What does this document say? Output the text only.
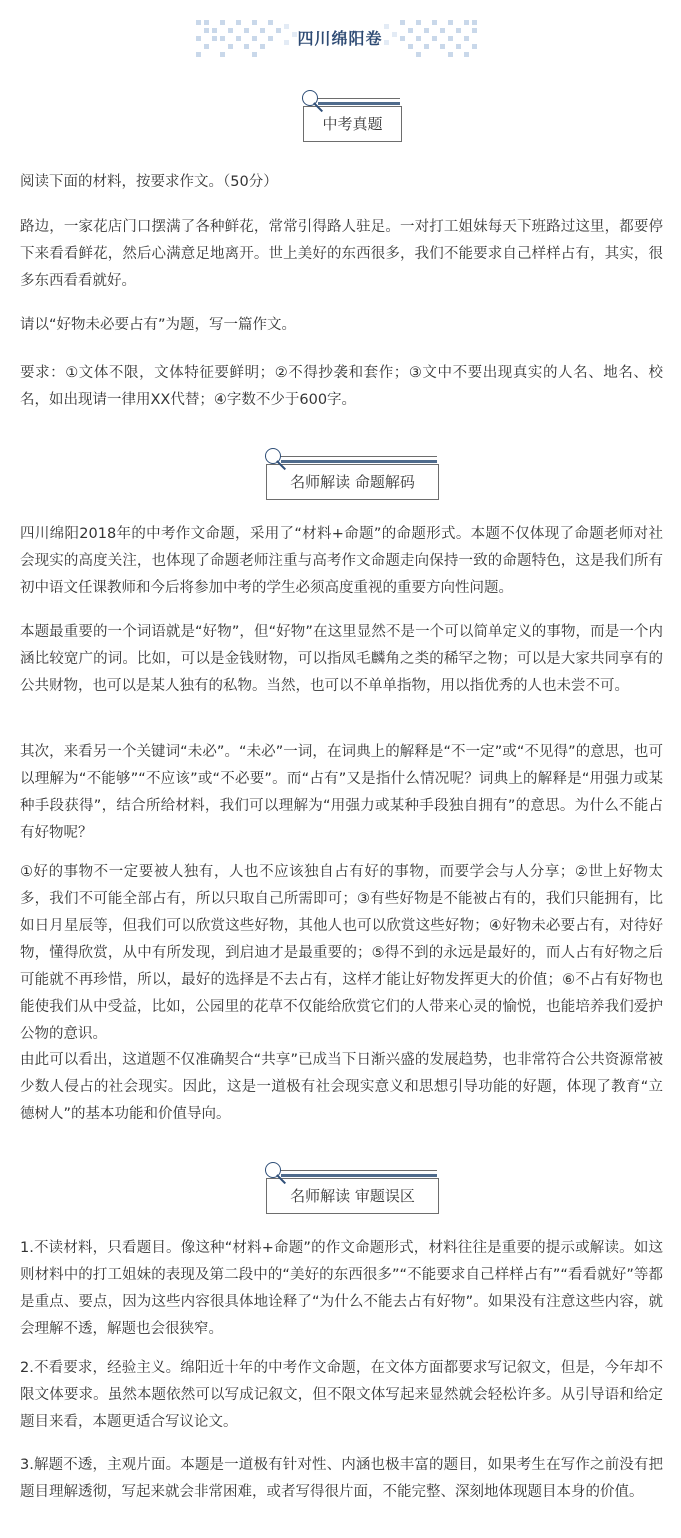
四川绵阳卷
中考真题

阅读下面的材料，按要求作文。（50分）

路边，一家花店门口摆满了各种鲜花，常常引得路人驻足。一对打工姐妹每天下班路过这里，都要停下来看看鲜花，然后心满意足地离开。世上美好的东西很多，我们不能要求自己样样占有，其实，很多东西看看就好。

请以“好物未必要占有”为题，写一篇作文。

要求：①文体不限，文体特征要鲜明；②不得抄袭和套作；③文中不要出现真实的人名、地名、校名，如出现请一律用XX代替；④字数不少于600字。

名师解读 命题解码

四川绵阳2018年的中考作文命题，采用了“材料+命题”的命题形式。本题不仅体现了命题老师对社会现实的高度关注，也体现了命题老师注重与高考作文命题走向保持一致的命题特色，这是我们所有初中语文任课教师和今后将参加中考的学生必须高度重视的重要方向性问题。

本题最重要的一个词语就是“好物”，但“好物”在这里显然不是一个可以简单定义的事物，而是一个内涵比较宽广的词。比如，可以是金钱财物，可以指凤毛麟角之类的稀罕之物；可以是大家共同享有的公共财物，也可以是某人独有的私物。当然，也可以不单单指物，用以指优秀的人也未尝不可。

其次，来看另一个关键词“未必”。“未必”一词，在词典上的解释是“不一定”或“不见得”的意思，也可以理解为“不能够”“不应该”或“不必要”。而“占有”又是指什么情况呢？词典上的解释是“用强力或某种手段获得”，结合所给材料，我们可以理解为“用强力或某种手段独自拥有”的意思。为什么不能占有好物呢？

①好的事物不一定要被人独有，人也不应该独自占有好的事物，而要学会与人分享；②世上好物太多，我们不可能全部占有，所以只取自己所需即可；③有些好物是不能被占有的，我们只能拥有，比如日月星辰等，但我们可以欣赏这些好物，其他人也可以欣赏这些好物；④好物未必要占有，对待好物，懂得欣赏，从中有所发现，到启迪才是最重要的；⑤得不到的永远是最好的，而人占有好物之后可能就不再珍惜，所以，最好的选择是不去占有，这样才能让好物发挥更大的价值；⑥不占有好物也能使我们从中受益，比如，公园里的花草不仅能给欣赏它们的人带来心灵的愉悦，也能培养我们爱护公物的意识。

由此可以看出，这道题不仅准确契合“共享”已成当下日渐兴盛的发展趋势，也非常符合公共资源常被少数人侵占的社会现实。因此，这是一道极有社会现实意义和思想引导功能的好题，体现了教育“立德树人”的基本功能和价值导向。

名师解读 审题误区

1.不读材料，只看题目。像这种“材料+命题”的作文命题形式，材料往往是重要的提示或解读。如这则材料中的打工姐妹的表现及第二段中的“美好的东西很多”“不能要求自己样样占有”“看看就好”等都是重点、要点，因为这些内容很具体地诠释了“为什么不能去占有好物”。如果没有注意这些内容，就会理解不透，解题也会很狭窄。

2.不看要求，经验主义。绵阳近十年的中考作文命题，在文体方面都要求写记叙文，但是，今年却不限文体要求。虽然本题依然可以写成记叙文，但不限文体写起来显然就会轻松许多。从引导语和给定题目来看，本题更适合写议论文。

3.解题不透，主观片面。本题是一道极有针对性、内涵也极丰富的题目，如果考生在写作之前没有把题目理解透彻，写起来就会非常困难，或者写得很片面，不能完整、深刻地体现题目本身的价值。
